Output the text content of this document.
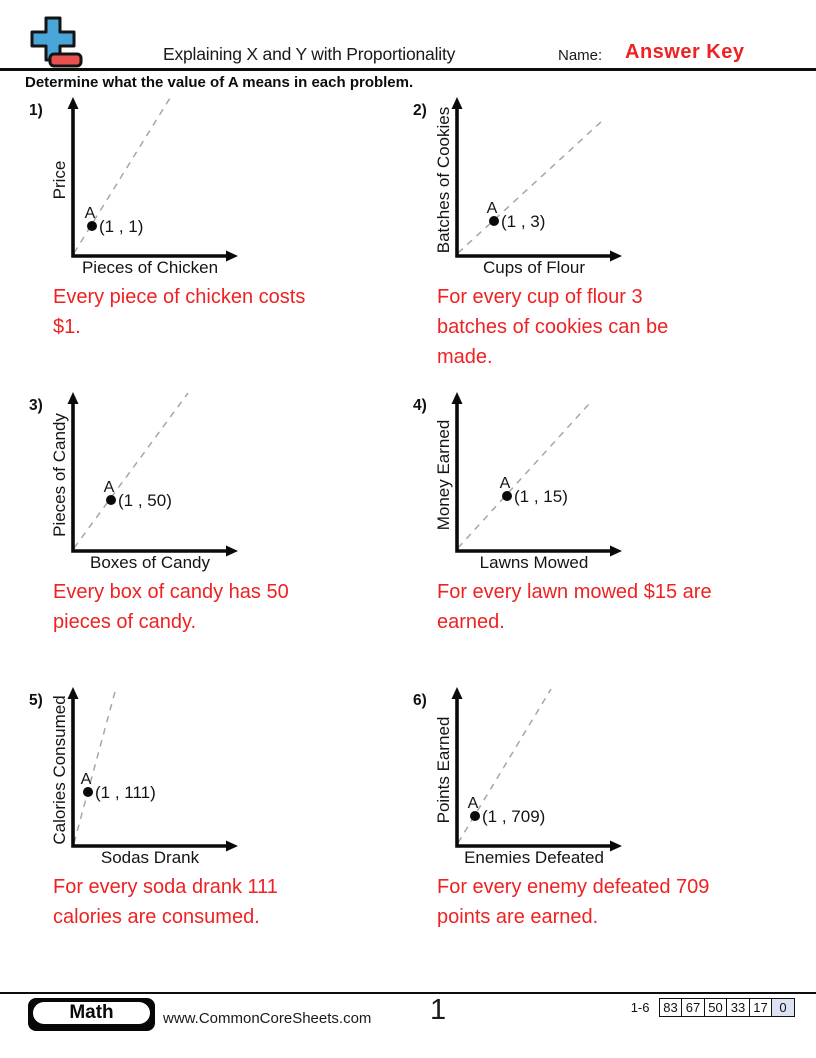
Explaining X and Y with Proportionality	Name: Answer Key
Determine what the value of A means in each problem.
1)
Price
Pieces of Chicken
A
(1 , 1)
Every piece of chicken costs
$1.
2) Batches of Cookies
Cups of Flour
A
(1 , 3)
For every cup of flour 3
batches of cookies can be
made.
3)
Pieces of Candy
Boxes of Candy
A
(1 , 50)
Every box of candy has 50
pieces of candy.
4)
Money Earned
Lawns Mowed
A
(1 , 15)
For every lawn mowed $15 are
earned.
5) Calories Consumed
Sodas Drank
A
(1 , 111)
For every soda drank 111
calories are consumed.
6)
Points Earned
Enemies Defeated
A
(1 , 709)
For every enemy defeated 709
points are earned.
Math	www.CommonCoreSheets.com 1	1-6	83 67 50 33 17 0
